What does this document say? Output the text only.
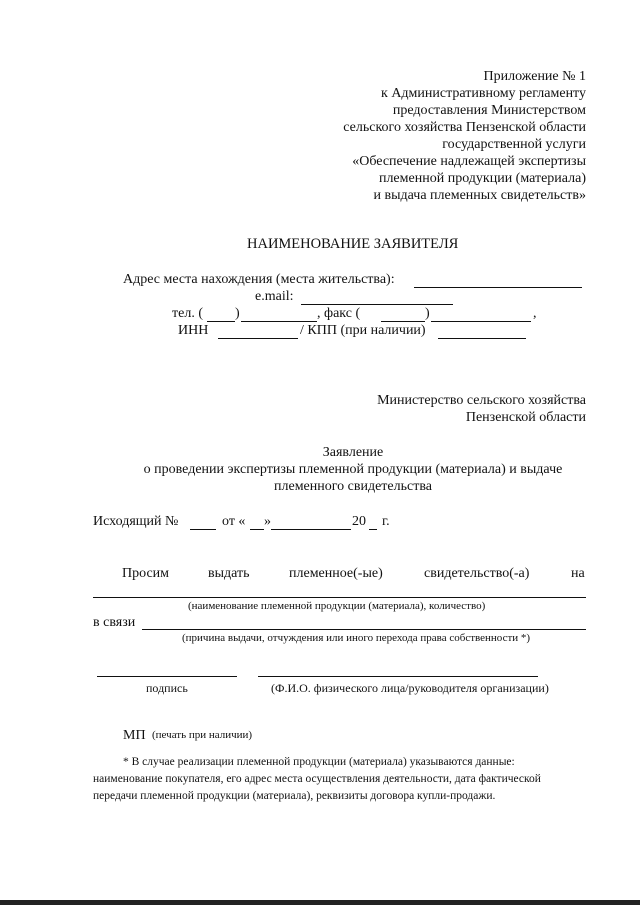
Приложение № 1
к Административному регламенту
предоставления Министерством
сельского хозяйства Пензенской области
государственной услуги
«Обеспечение надлежащей экспертизы
племенной продукции (материала)
и выдача племенных свидетельств»
НАИМЕНОВАНИЕ ЗАЯВИТЕЛЯ
Адрес места нахождения (места жительства):
e.mail:
тел. ( )	, факс (	)	,
ИНН	/ КПП (при наличии)
Министерство сельского хозяйства
Пензенской области
Заявление
о проведении экспертизы племенной продукции (материала) и выдаче
племенного свидетельства
Исходящий №	от « »	20 г.
Просим	выдать	племенное(-ые)	свидетельство(-а)	на
(наименование племенной продукции (материала), количество)
в связи
(причина выдачи, отчуждения или иного перехода права собственности *)
подпись	(Ф.И.О. физического лица/руководителя организации)
МП (печать при наличии)
* В случае реализации племенной продукции (материала) указываются данные:
наименование покупателя, его адрес места осуществления деятельности, дата фактической
передачи племенной продукции (материала), реквизиты договора купли-продажи.
